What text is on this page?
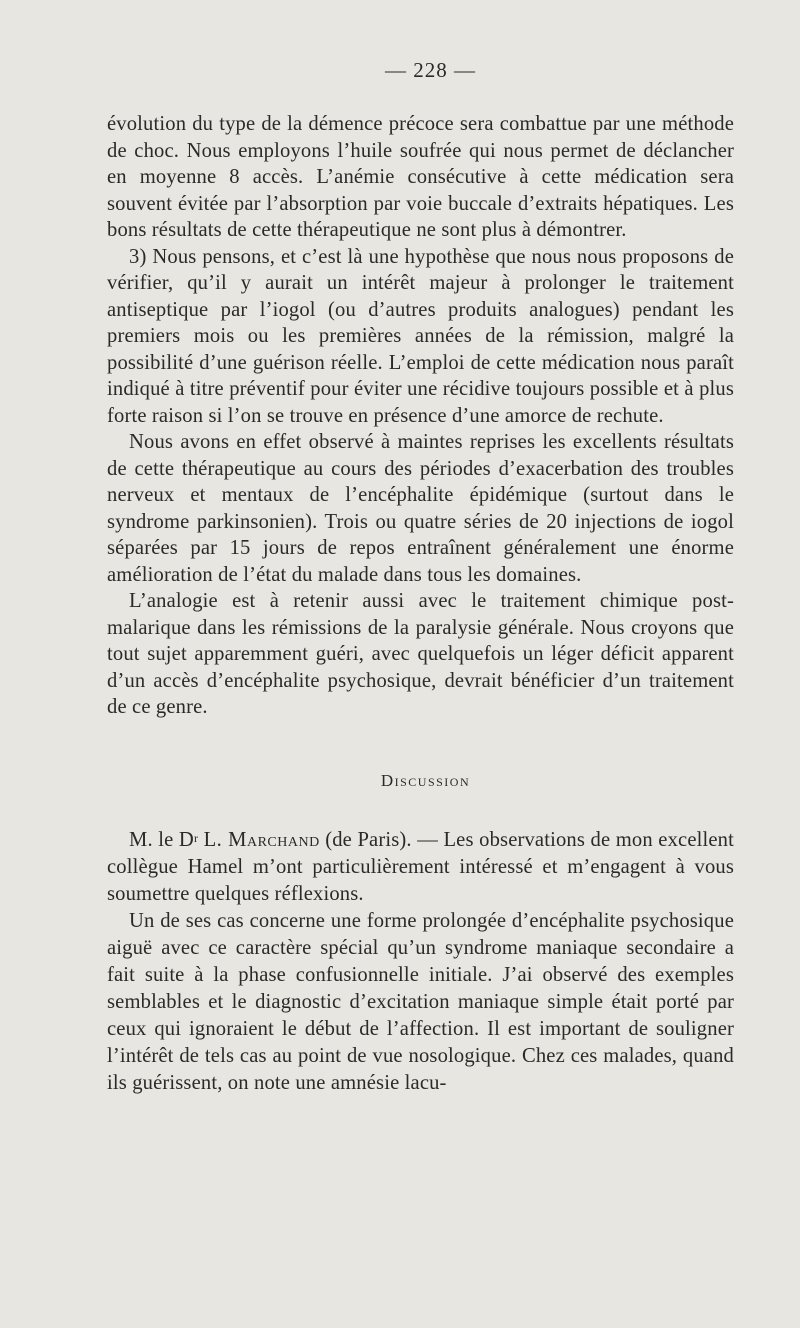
— 228 —

évolution du type de la démence précoce sera combattue par une méthode de choc. Nous employons l’huile soufrée qui nous permet de déclancher en moyenne 8 accès. L’anémie consécutive à cette médication sera souvent évitée par l’absorption par voie buccale d’extraits hépatiques. Les bons résultats de cette thérapeutique ne sont plus à démontrer.

3) Nous pensons, et c’est là une hypothèse que nous nous proposons de vérifier, qu’il y aurait un intérêt majeur à prolonger le traitement antiseptique par l’iogol (ou d’autres produits analogues) pendant les premiers mois ou les premières années de la rémission, malgré la possibilité d’une guérison réelle. L’emploi de cette médication nous paraît indiqué à titre préventif pour éviter une récidive toujours possible et à plus forte raison si l’on se trouve en présence d’une amorce de rechute.

Nous avons en effet observé à maintes reprises les excellents résultats de cette thérapeutique au cours des périodes d’exacerbation des troubles nerveux et mentaux de l’encéphalite épidémique (surtout dans le syndrome parkinsonien). Trois ou quatre séries de 20 injections de iogol séparées par 15 jours de repos entraînent généralement une énorme amélioration de l’état du malade dans tous les domaines.

L’analogie est à retenir aussi avec le traitement chimique post-malarique dans les rémissions de la paralysie générale. Nous croyons que tout sujet apparemment guéri, avec quelquefois un léger déficit apparent d’un accès d’encéphalite psychosique, devrait bénéficier d’un traitement de ce genre.

Discussion

M. le $D^r$ L. Marchand (de Paris). — Les observations de mon excellent collègue Hamel m’ont particulièrement intéressé et m’engagent à vous soumettre quelques réflexions.

Un de ses cas concerne une forme prolongée d’encéphalite psychosique aiguë avec ce caractère spécial qu’un syndrome maniaque secondaire a fait suite à la phase confusionnelle initiale. J’ai observé des exemples semblables et le diagnostic d’excitation maniaque simple était porté par ceux qui ignoraient le début de l’affection. Il est important de souligner l’intérêt de tels cas au point de vue nosologique. Chez ces malades, quand ils guérissent, on note une amnésie lacu-
